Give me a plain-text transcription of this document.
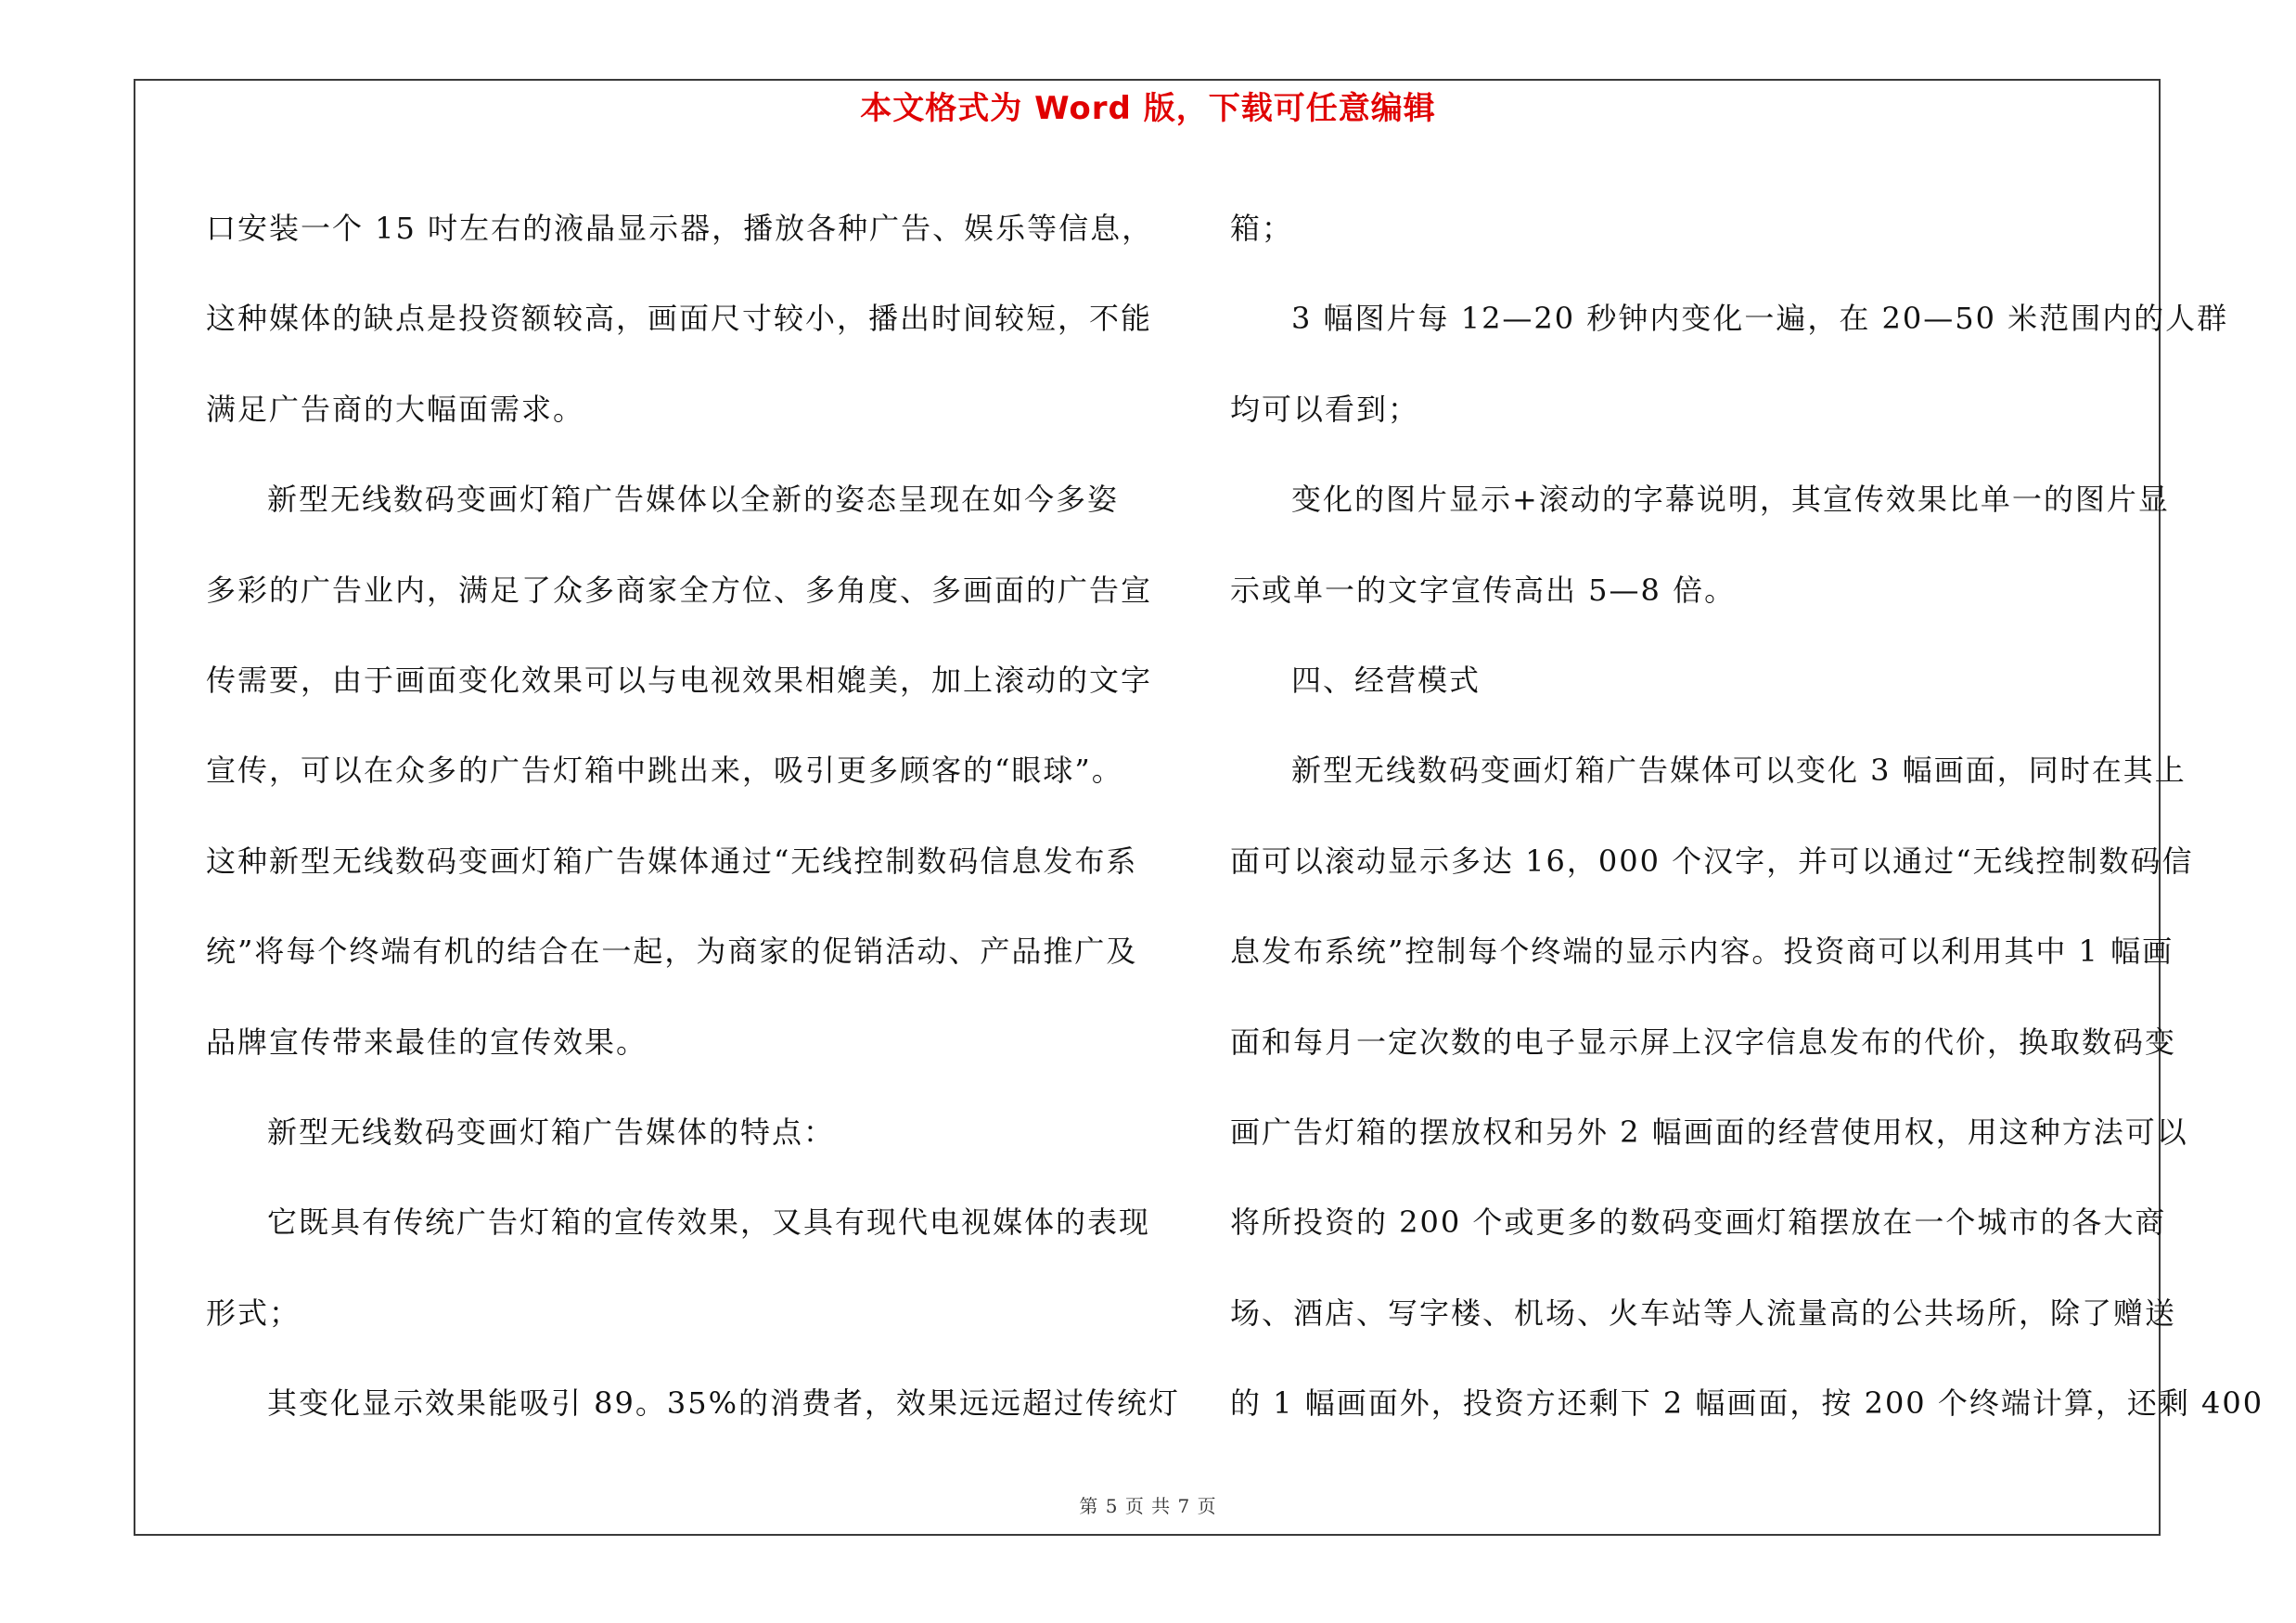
本文格式为 Word 版，下载可任意编辑
口安装一个 15 吋左右的液晶显示器，播放各种广告、娱乐等信息，
这种媒体的缺点是投资额较高，画面尺寸较小，播出时间较短，不能
满足广告商的大幅面需求。
新型无线数码变画灯箱广告媒体以全新的姿态呈现在如今多姿
多彩的广告业内，满足了众多商家全方位、多角度、多画面的广告宣
传需要，由于画面变化效果可以与电视效果相媲美，加上滚动的文字
宣传，可以在众多的广告灯箱中跳出来，吸引更多顾客的“眼球”。
这种新型无线数码变画灯箱广告媒体通过“无线控制数码信息发布系
统”将每个终端有机的结合在一起，为商家的促销活动、产品推广及
品牌宣传带来最佳的宣传效果。
新型无线数码变画灯箱广告媒体的特点：
它既具有传统广告灯箱的宣传效果，又具有现代电视媒体的表现
形式；
其变化显示效果能吸引 89。35%的消费者，效果远远超过传统灯
箱；
3 幅图片每 12—20 秒钟内变化一遍，在 20—50 米范围内的人群
均可以看到；
变化的图片显示+滚动的字幕说明，其宣传效果比单一的图片显
示或单一的文字宣传高出 5—8 倍。
四、经营模式
新型无线数码变画灯箱广告媒体可以变化 3 幅画面，同时在其上
面可以滚动显示多达 16，000 个汉字，并可以通过“无线控制数码信
息发布系统”控制每个终端的显示内容。投资商可以利用其中 1 幅画
面和每月一定次数的电子显示屏上汉字信息发布的代价，换取数码变
画广告灯箱的摆放权和另外 2 幅画面的经营使用权，用这种方法可以
将所投资的 200 个或更多的数码变画灯箱摆放在一个城市的各大商
场、酒店、写字楼、机场、火车站等人流量高的公共场所，除了赠送
的 1 幅画面外，投资方还剩下 2 幅画面，按 200 个终端计算，还剩 400
第 5 页 共 7 页
